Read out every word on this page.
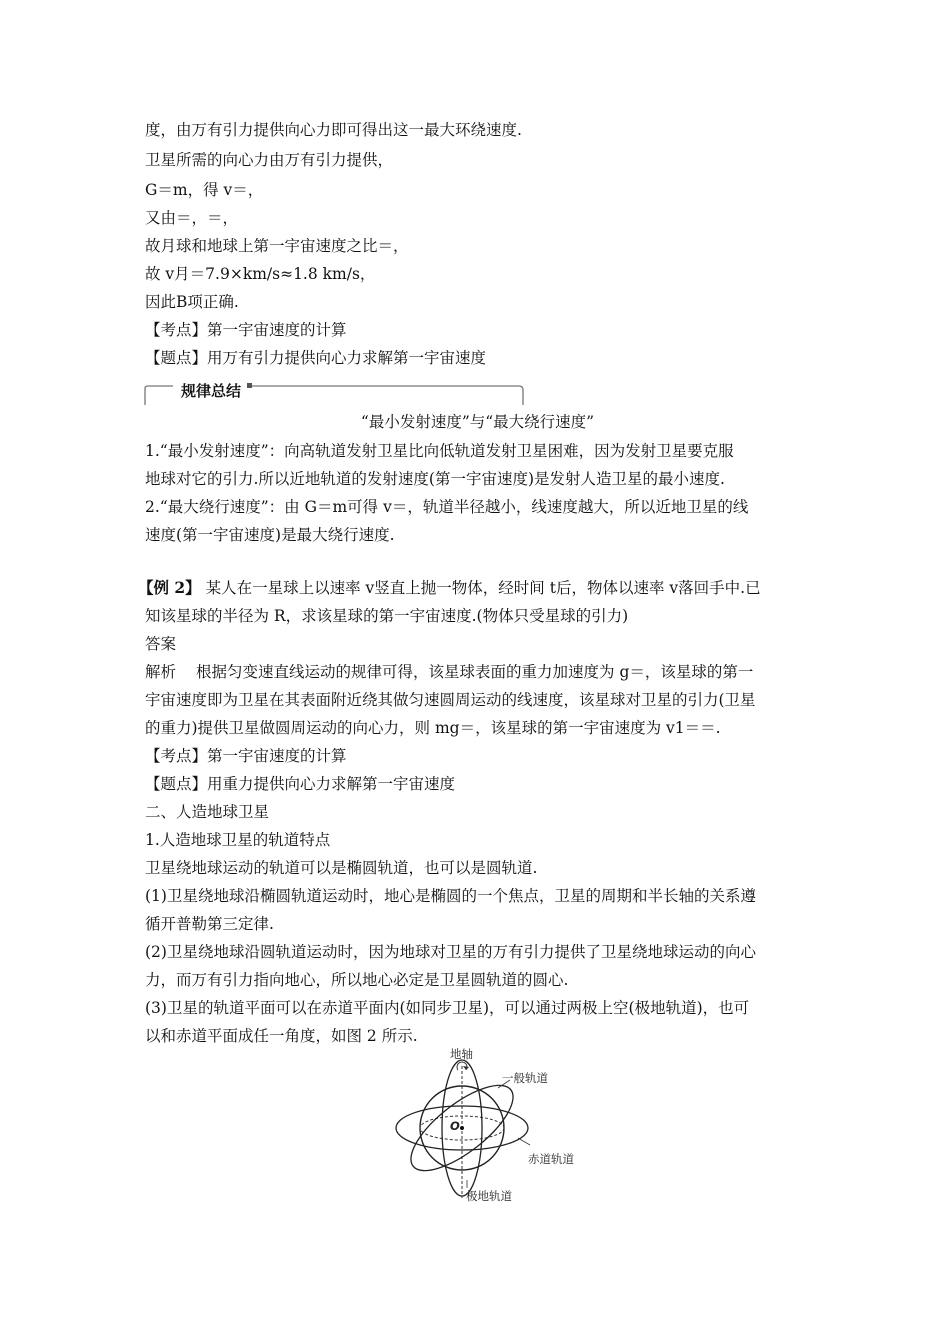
度，由万有引力提供向心力即可得出这一最大环绕速度.
卫星所需的向心力由万有引力提供，
G＝m，得 v＝，
又由＝，＝，
故月球和地球上第一宇宙速度之比＝，
故 v月＝7.9×km/s≈1.8 km/s，
因此B项正确.
【考点】第一宇宙速度的计算
【题点】用万有引力提供向心力求解第一宇宙速度
规律总结
“最小发射速度”与“最大绕行速度”
1.“最小发射速度”：向高轨道发射卫星比向低轨道发射卫星困难，因为发射卫星要克服
地球对它的引力.所以近地轨道的发射速度(第一宇宙速度)是发射人造卫星的最小速度.
2.“最大绕行速度”：由 G＝m可得 v＝，轨道半径越小，线速度越大，所以近地卫星的线
速度(第一宇宙速度)是最大绕行速度.
【例 2】 某人在一星球上以速率 v竖直上抛一物体，经时间 t后，物体以速率 v落回手中.已
知该星球的半径为 R，求该星球的第一宇宙速度.(物体只受星球的引力)
答案
解析 根据匀变速直线运动的规律可得，该星球表面的重力加速度为 g＝，该星球的第一
宇宙速度即为卫星在其表面附近绕其做匀速圆周运动的线速度，该星球对卫星的引力(卫星
的重力)提供卫星做圆周运动的向心力，则 mg＝，该星球的第一宇宙速度为 v1＝＝.
【考点】第一宇宙速度的计算
【题点】用重力提供向心力求解第一宇宙速度
二、人造地球卫星
1.人造地球卫星的轨道特点
卫星绕地球运动的轨道可以是椭圆轨道，也可以是圆轨道.
(1)卫星绕地球沿椭圆轨道运动时，地心是椭圆的一个焦点，卫星的周期和半长轴的关系遵
循开普勒第三定律.
(2)卫星绕地球沿圆轨道运动时，因为地球对卫星的万有引力提供了卫星绕地球运动的向心
力，而万有引力指向地心，所以地心必定是卫星圆轨道的圆心.
(3)卫星的轨道平面可以在赤道平面内(如同步卫星)，可以通过两极上空(极地轨道)，也可
以和赤道平面成任一角度，如图 2 所示.
地轴
一般轨道
O
赤道轨道
极地轨道
